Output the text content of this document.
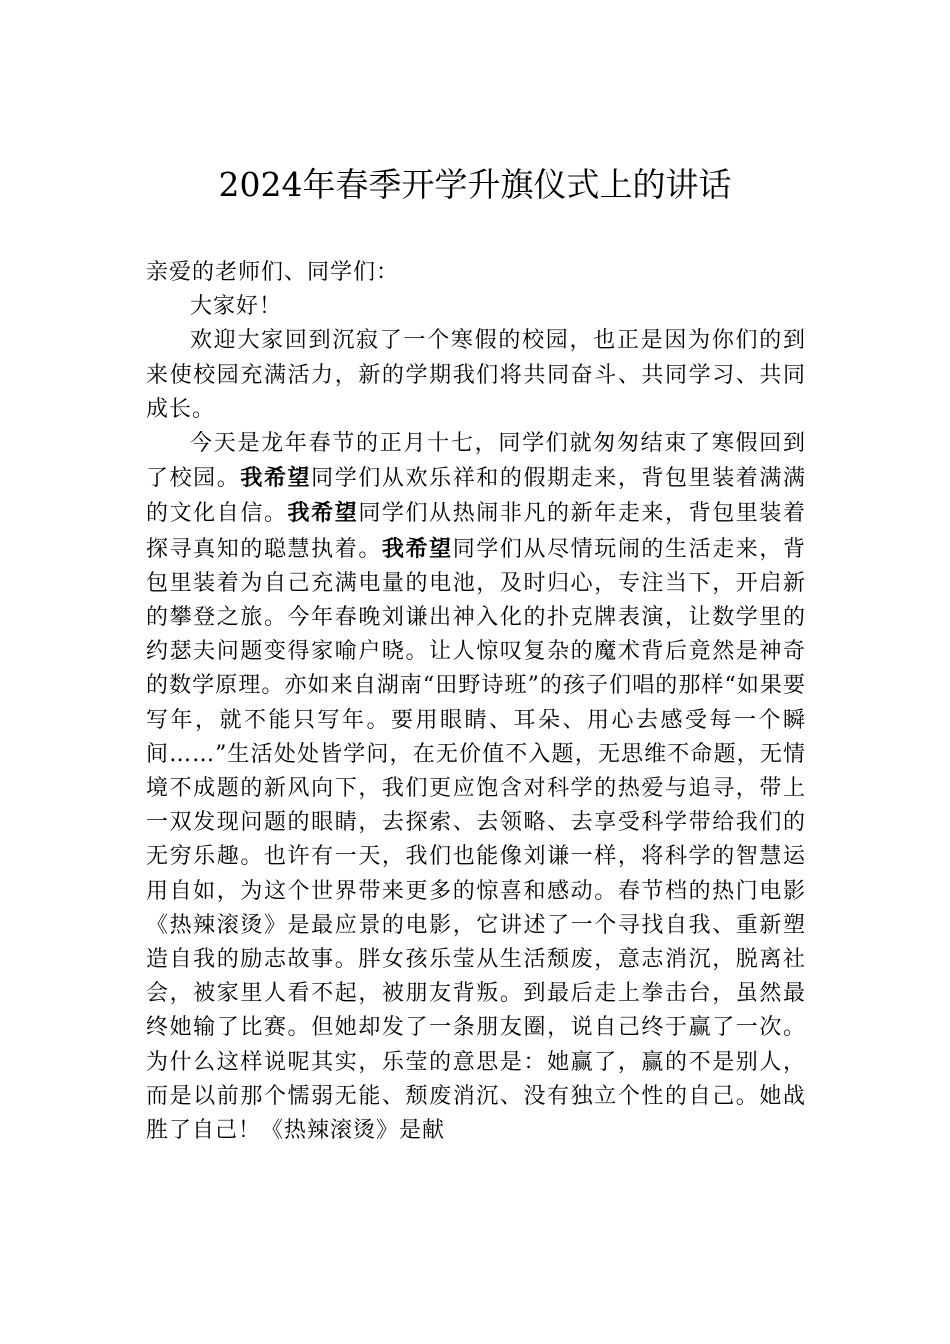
2024年春季开学升旗仪式上的讲话

亲爱的老师们、同学们：

大家好！

欢迎大家回到沉寂了一个寒假的校园，也正是因为你们的到来使校园充满活力，新的学期我们将共同奋斗、共同学习、共同成长。

今天是龙年春节的正月十七，同学们就匆匆结束了寒假回到了校园。我希望同学们从欢乐祥和的假期走来，背包里装着满满的文化自信。我希望同学们从热闹非凡的新年走来，背包里装着探寻真知的聪慧执着。我希望同学们从尽情玩闹的生活走来，背包里装着为自己充满电量的电池，及时归心，专注当下，开启新的攀登之旅。今年春晚刘谦出神入化的扑克牌表演，让数学里的约瑟夫问题变得家喻户晓。让人惊叹复杂的魔术背后竟然是神奇的数学原理。亦如来自湖南“田野诗班”的孩子们唱的那样“如果要写年，就不能只写年。要用眼睛、耳朵、用心去感受每一个瞬间……”生活处处皆学问，在无价值不入题，无思维不命题，无情境不成题的新风向下，我们更应饱含对科学的热爱与追寻，带上一双发现问题的眼睛，去探索、去领略、去享受科学带给我们的无穷乐趣。也许有一天，我们也能像刘谦一样，将科学的智慧运用自如，为这个世界带来更多的惊喜和感动。春节档的热门电影《热辣滚烫》是最应景的电影，它讲述了一个寻找自我、重新塑造自我的励志故事。胖女孩乐莹从生活颓废，意志消沉，脱离社会，被家里人看不起，被朋友背叛。到最后走上拳击台，虽然最终她输了比赛。但她却发了一条朋友圈，说自己终于赢了一次。为什么这样说呢其实，乐莹的意思是：她赢了，赢的不是别人，而是以前那个懦弱无能、颓废消沉、没有独立个性的自己。她战胜了自己！《热辣滚烫》是献
